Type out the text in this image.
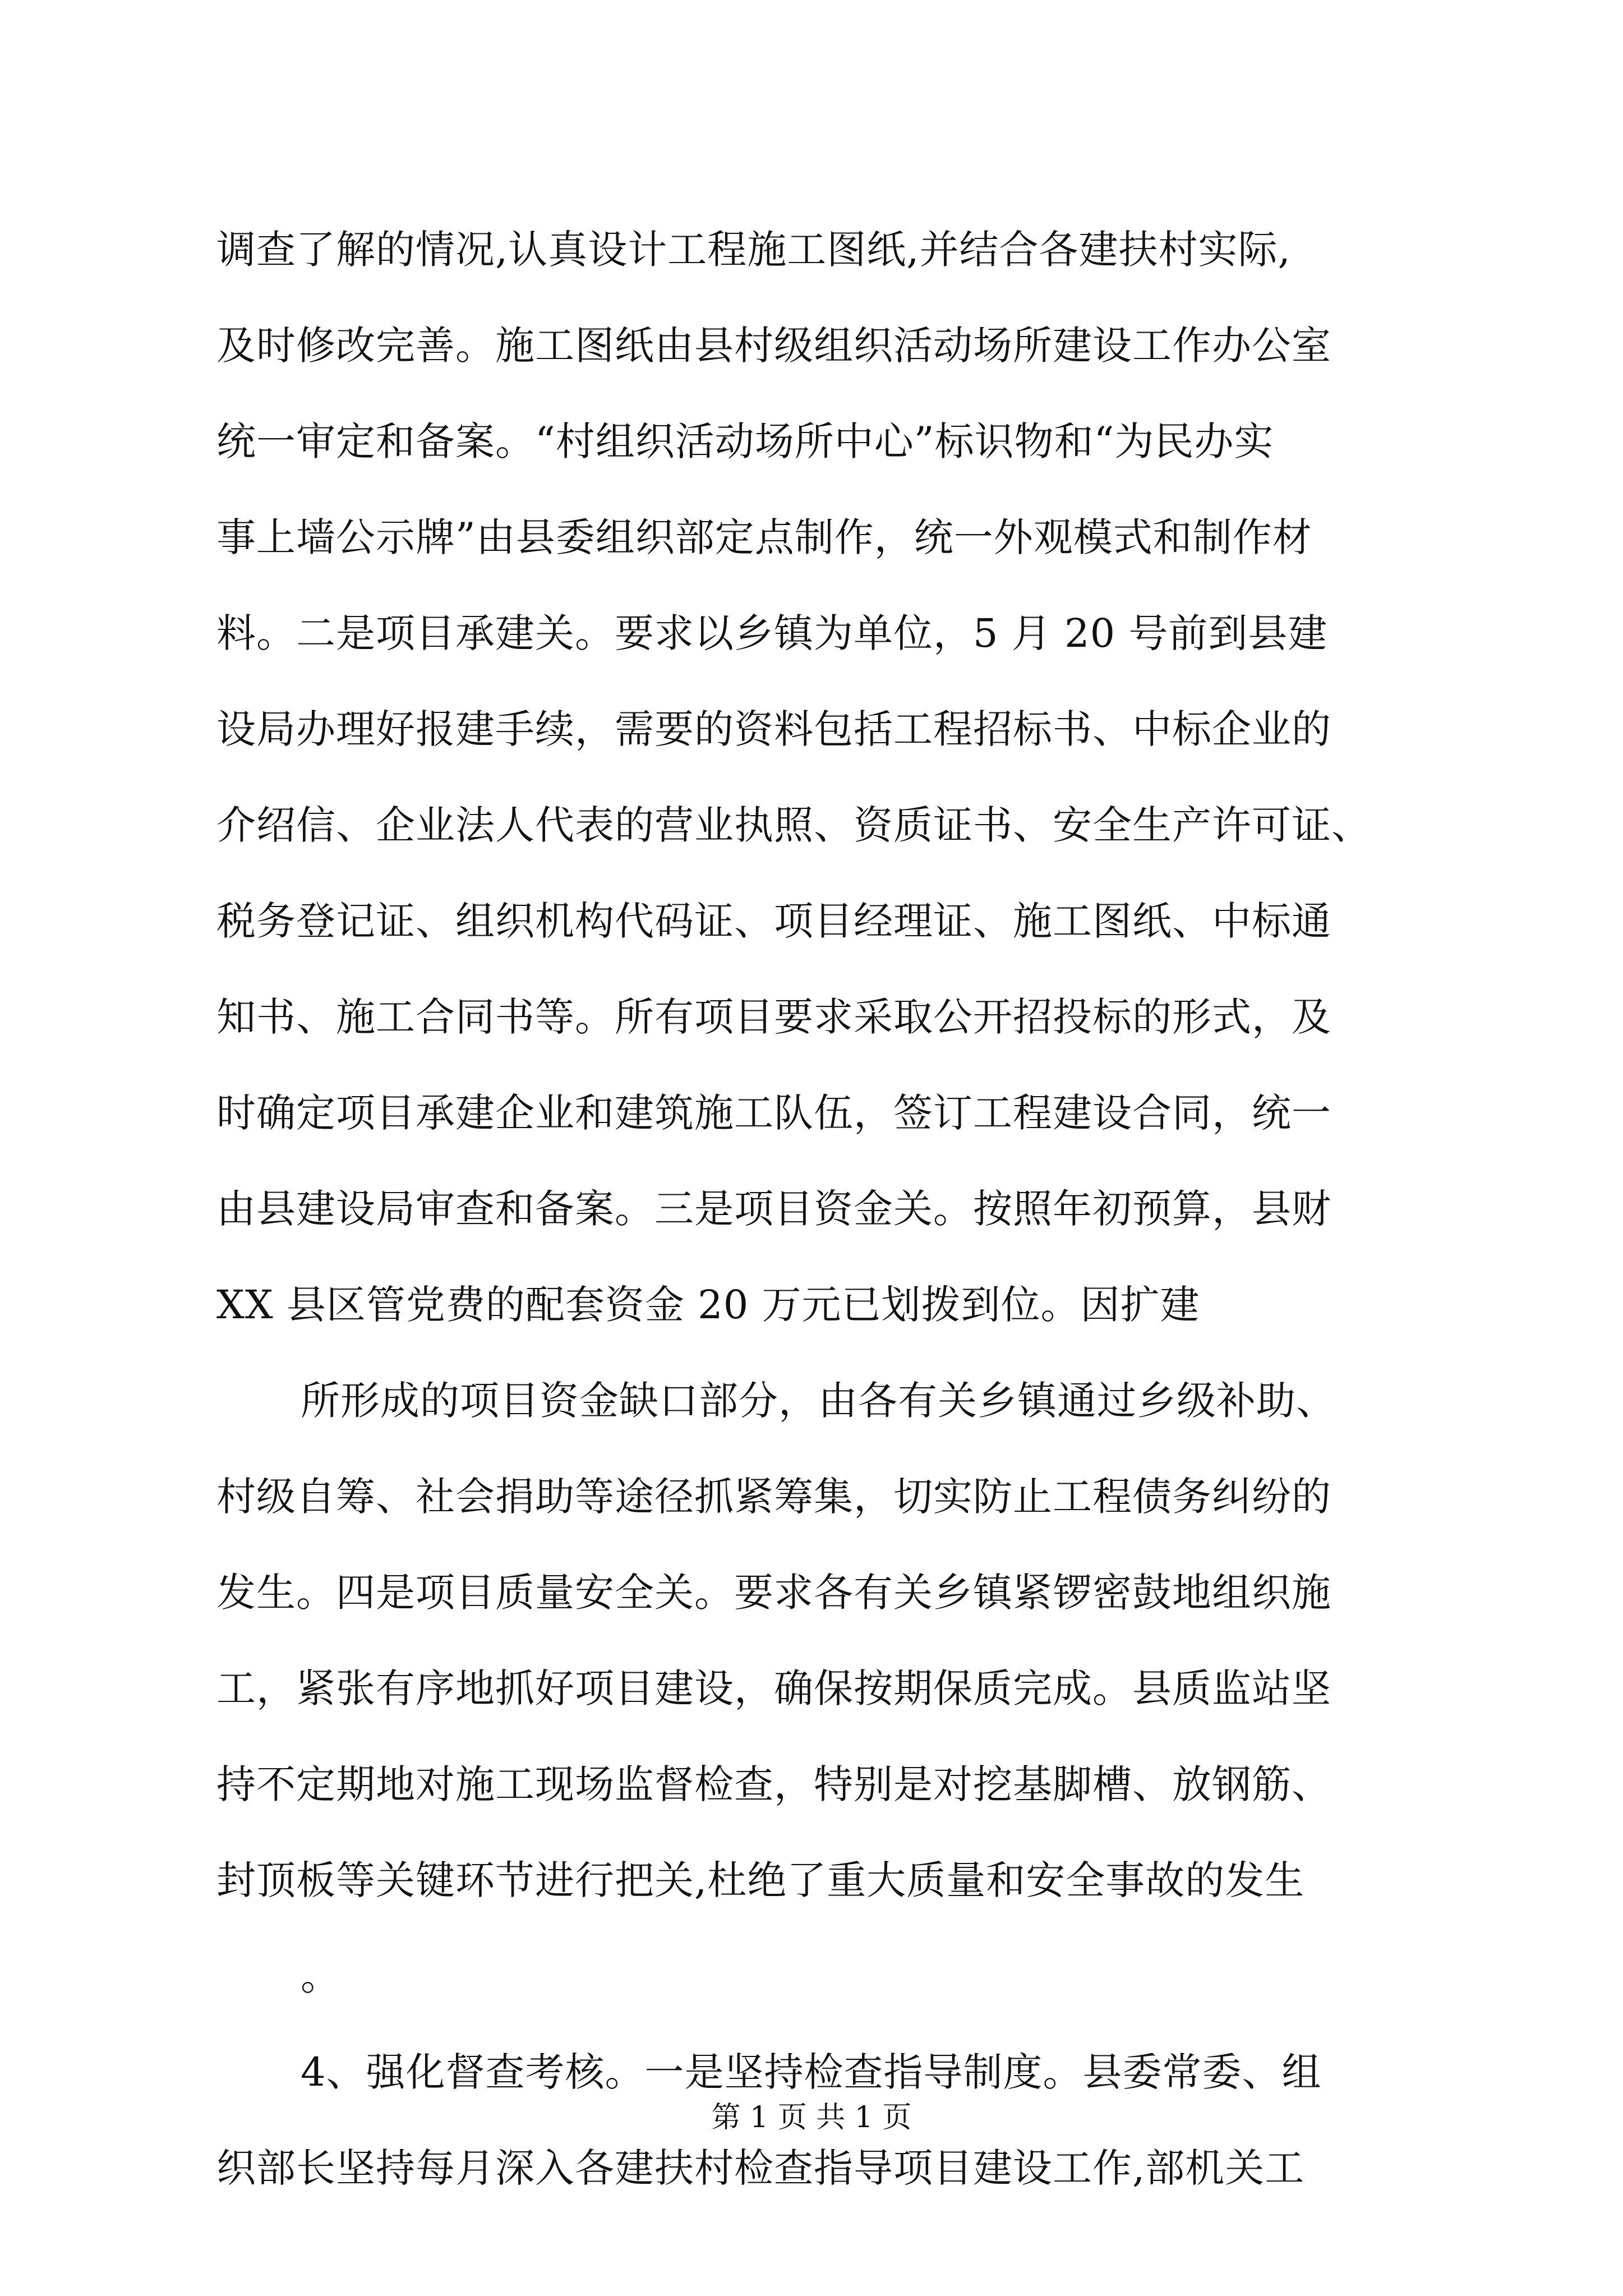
调查了解的情况,认真设计工程施工图纸,并结合各建扶村实际,
及时修改完善。施工图纸由县村级组织活动场所建设工作办公室
统一审定和备案。“村组织活动场所中心”标识物和“为民办实
事上墙公示牌”由县委组织部定点制作，统一外观模式和制作材
料。二是项目承建关。要求以乡镇为单位，5 月 20 号前到县建
设局办理好报建手续，需要的资料包括工程招标书、中标企业的
介绍信、企业法人代表的营业执照、资质证书、安全生产许可证、
税务登记证、组织机构代码证、项目经理证、施工图纸、中标通
知书、施工合同书等。所有项目要求采取公开招投标的形式，及
时确定项目承建企业和建筑施工队伍，签订工程建设合同，统一
由县建设局审查和备案。三是项目资金关。按照年初预算，县财
XX 县区管党费的配套资金 20 万元已划拨到位。因扩建
所形成的项目资金缺口部分，由各有关乡镇通过乡级补助、
村级自筹、社会捐助等途径抓紧筹集，切实防止工程债务纠纷的
发生。四是项目质量安全关。要求各有关乡镇紧锣密鼓地组织施
工，紧张有序地抓好项目建设，确保按期保质完成。县质监站坚
持不定期地对施工现场监督检查，特别是对挖基脚槽、放钢筋、
封顶板等关键环节进行把关,杜绝了重大质量和安全事故的发生
。
4、强化督查考核。一是坚持检查指导制度。县委常委、组
织部长坚持每月深入各建扶村检查指导项目建设工作,部机关工
第 1 页 共 1 页
